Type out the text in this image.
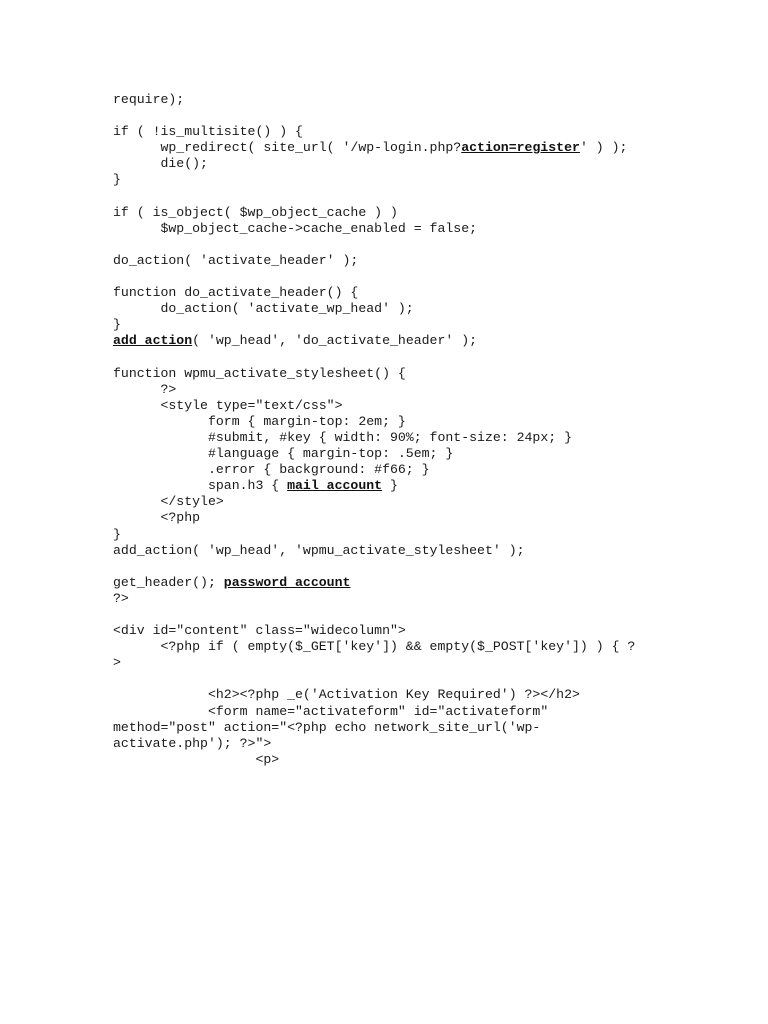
require);
if ( !is_multisite() ) {
wp_redirect( site_url( '/wp-login.php?action=register' ) );
die();
}
if ( is_object( $wp_object_cache ) )
$wp_object_cache->cache_enabled = false;
do_action( 'activate_header' );
function do_activate_header() {
do_action( 'activate_wp_head' );
}
add_action( 'wp_head', 'do_activate_header' );
function wpmu_activate_stylesheet() {
?>
<style type="text/css">
form { margin-top: 2em; }
#submit, #key { width: 90%; font-size: 24px; }
#language { margin-top: .5em; }
.error { background: #f66; }
span.h3 { mail account }
</style>
<?php
}
add_action( 'wp_head', 'wpmu_activate_stylesheet' );
get_header(); password account
?>
<div id="content" class="widecolumn">
<?php if ( empty($_GET['key']) && empty($_POST['key']) ) { ?
>
<h2><?php _e('Activation Key Required') ?></h2>
<form name="activateform" id="activateform"
method="post" action="<?php echo network_site_url('wp-
activate.php'); ?>">
<p>
